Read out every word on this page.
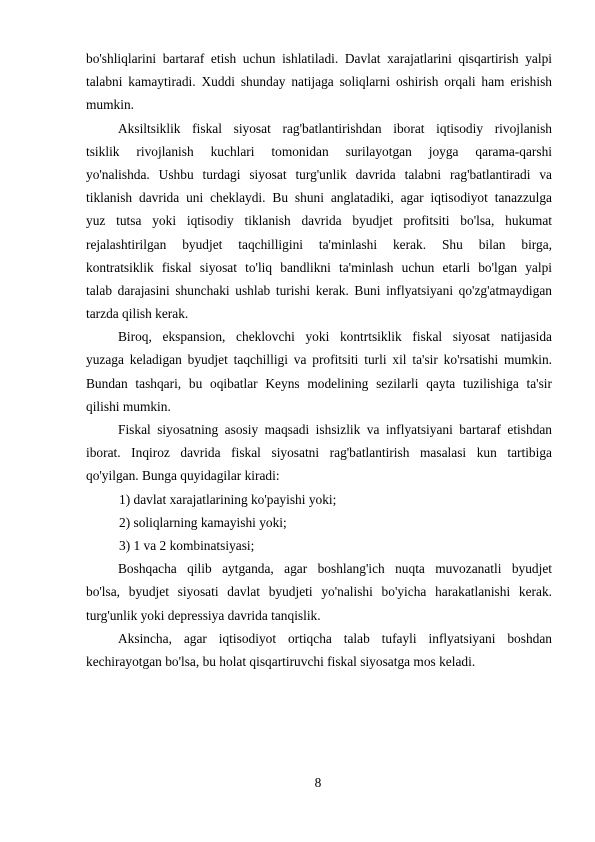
bo'shliqlarini bartaraf etish uchun ishlatiladi. Davlat xarajatlarini qisqartirish yalpi
talabni kamaytiradi. Xuddi shunday natijaga soliqlarni oshirish orqali ham erishish
mumkin.
Aksiltsiklik fiskal siyosat rag'batlantirishdan iborat iqtisodiy rivojlanish
tsiklik rivojlanish kuchlari tomonidan surilayotgan joyga qarama-qarshi
yo'nalishda. Ushbu turdagi siyosat turg'unlik davrida talabni rag'batlantiradi va
tiklanish davrida uni cheklaydi. Bu shuni anglatadiki, agar iqtisodiyot tanazzulga
yuz tutsa yoki iqtisodiy tiklanish davrida byudjet profitsiti bo'lsa, hukumat
rejalashtirilgan byudjet taqchilligini ta'minlashi kerak. Shu bilan birga,
kontratsiklik fiskal siyosat to'liq bandlikni ta'minlash uchun etarli bo'lgan yalpi
talab darajasini shunchaki ushlab turishi kerak. Buni inflyatsiyani qo'zg'atmaydigan
tarzda qilish kerak.
Biroq, ekspansion, cheklovchi yoki kontrtsiklik fiskal siyosat natijasida
yuzaga keladigan byudjet taqchilligi va profitsiti turli xil ta'sir ko'rsatishi mumkin.
Bundan tashqari, bu oqibatlar Keyns modelining sezilarli qayta tuzilishiga ta'sir
qilishi mumkin.
Fiskal siyosatning asosiy maqsadi ishsizlik va inflyatsiyani bartaraf etishdan
iborat. Inqiroz davrida fiskal siyosatni rag'batlantirish masalasi kun tartibiga
qo'yilgan. Bunga quyidagilar kiradi:
1) davlat xarajatlarining ko'payishi yoki;
2) soliqlarning kamayishi yoki;
3) 1 va 2 kombinatsiyasi;
Boshqacha qilib aytganda, agar boshlang'ich nuqta muvozanatli byudjet
bo'lsa, byudjet siyosati davlat byudjeti yo'nalishi bo'yicha harakatlanishi kerak.
turg'unlik yoki depressiya davrida tanqislik.
Aksincha, agar iqtisodiyot ortiqcha talab tufayli inflyatsiyani boshdan
kechirayotgan bo'lsa, bu holat qisqartiruvchi fiskal siyosatga mos keladi.
8
